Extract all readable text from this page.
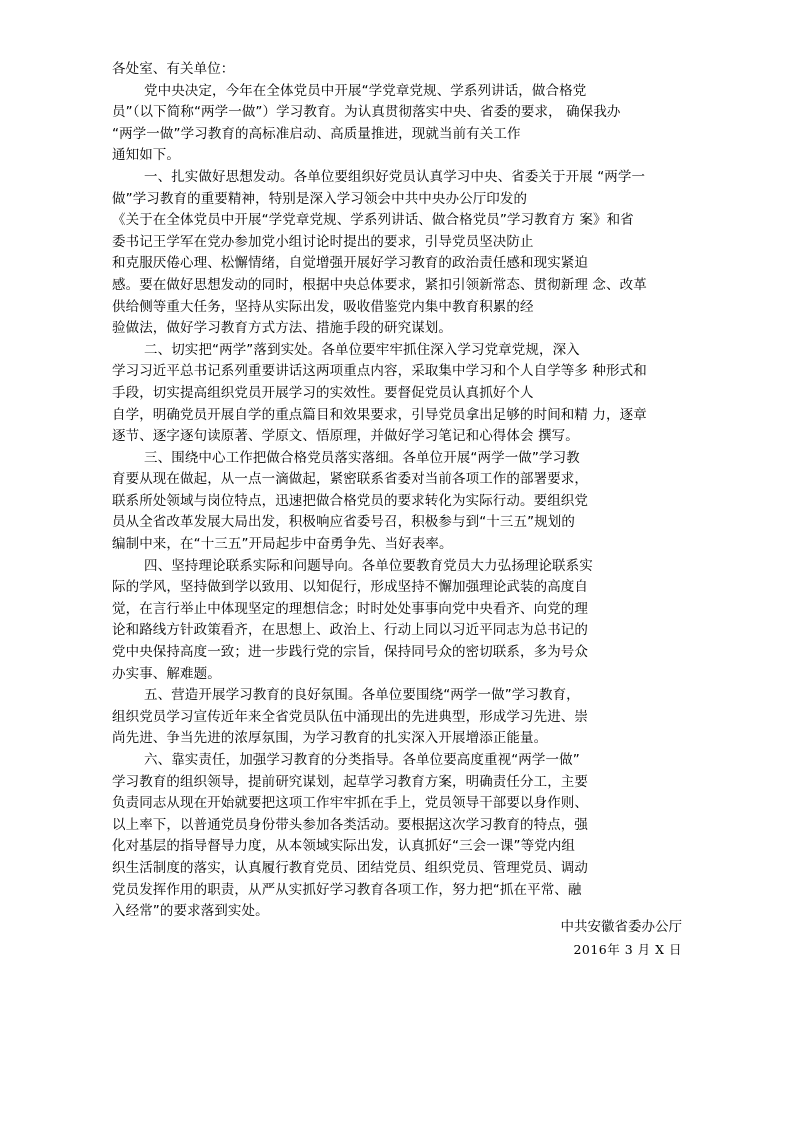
各处室、有关单位：
党中央决定，今年在全体党员中开展“学党章党规、学系列讲话，做合格党
员”（以下简称“两学一做”）学习教育。为认真贯彻落实中央、省委的要求， 确保我办
“两学一做”学习教育的高标准启动、高质量推进，现就当前有关工作
通知如下。
一、扎实做好思想发动。各单位要组织好党员认真学习中央、省委关于开展 “两学一
做”学习教育的重要精神，特别是深入学习领会中共中央办公厅印发的
《关于在全体党员中开展“学党章党规、学系列讲话、做合格党员”学习教育方 案》和省
委书记王学军在党办参加党小组讨论时提出的要求，引导党员坚决防止
和克服厌倦心理、松懈情绪，自觉增强开展好学习教育的政治责任感和现实紧迫
感。要在做好思想发动的同时，根据中央总体要求，紧扣引领新常态、贯彻新理 念、改革
供给侧等重大任务，坚持从实际出发，吸收借鉴党内集中教育积累的经
验做法，做好学习教育方式方法、措施手段的研究谋划。
二、切实把“两学”落到实处。各单位要牢牢抓住深入学习党章党规，深入
学习习近平总书记系列重要讲话这两项重点内容，采取集中学习和个人自学等多 种形式和
手段，切实提高组织党员开展学习的实效性。要督促党员认真抓好个人
自学，明确党员开展自学的重点篇目和效果要求，引导党员拿出足够的时间和精 力，逐章
逐节、逐字逐句读原著、学原文、悟原理，并做好学习笔记和心得体会 撰写。
三、围绕中心工作把做合格党员落实落细。各单位开展“两学一做”学习教
育要从现在做起，从一点一滴做起，紧密联系省委对当前各项工作的部署要求，
联系所处领域与岗位特点，迅速把做合格党员的要求转化为实际行动。要组织党
员从全省改革发展大局出发，积极响应省委号召，积极参与到“十三五”规划的
编制中来，在“十三五”开局起步中奋勇争先、当好表率。
四、坚持理论联系实际和问题导向。各单位要教育党员大力弘扬理论联系实
际的学风，坚持做到学以致用、以知促行，形成坚持不懈加强理论武装的高度自
觉，在言行举止中体现坚定的理想信念；时时处处事事向党中央看齐、向党的理
论和路线方针政策看齐，在思想上、政治上、行动上同以习近平同志为总书记的
党中央保持高度一致；进一步践行党的宗旨，保持同号众的密切联系，多为号众
办实事、解难题。
五、营造开展学习教育的良好氛围。各单位要围绕“两学一做”学习教育，
组织党员学习宣传近年来全省党员队伍中涌现出的先进典型，形成学习先进、崇
尚先进、争当先进的浓厚氛围，为学习教育的扎实深入开展增添正能量。
六、靠实责任，加强学习教育的分类指导。各单位要高度重视“两学一做”
学习教育的组织领导，提前研究谋划，起草学习教育方案，明确责任分工，主要
负责同志从现在开始就要把这项工作牢牢抓在手上，党员领导干部要以身作则、
以上率下，以普通党员身份带头参加各类活动。要根据这次学习教育的特点，强
化对基层的指导督导力度，从本领域实际出发，认真抓好“三会一课”等党内组
织生活制度的落实，认真履行教育党员、团结党员、组织党员、管理党员、调动
党员发挥作用的职责，从严从实抓好学习教育各项工作，努力把“抓在平常、融
入经常”的要求落到实处。
中共安徽省委办公厅
2016年 3 月 X 日
